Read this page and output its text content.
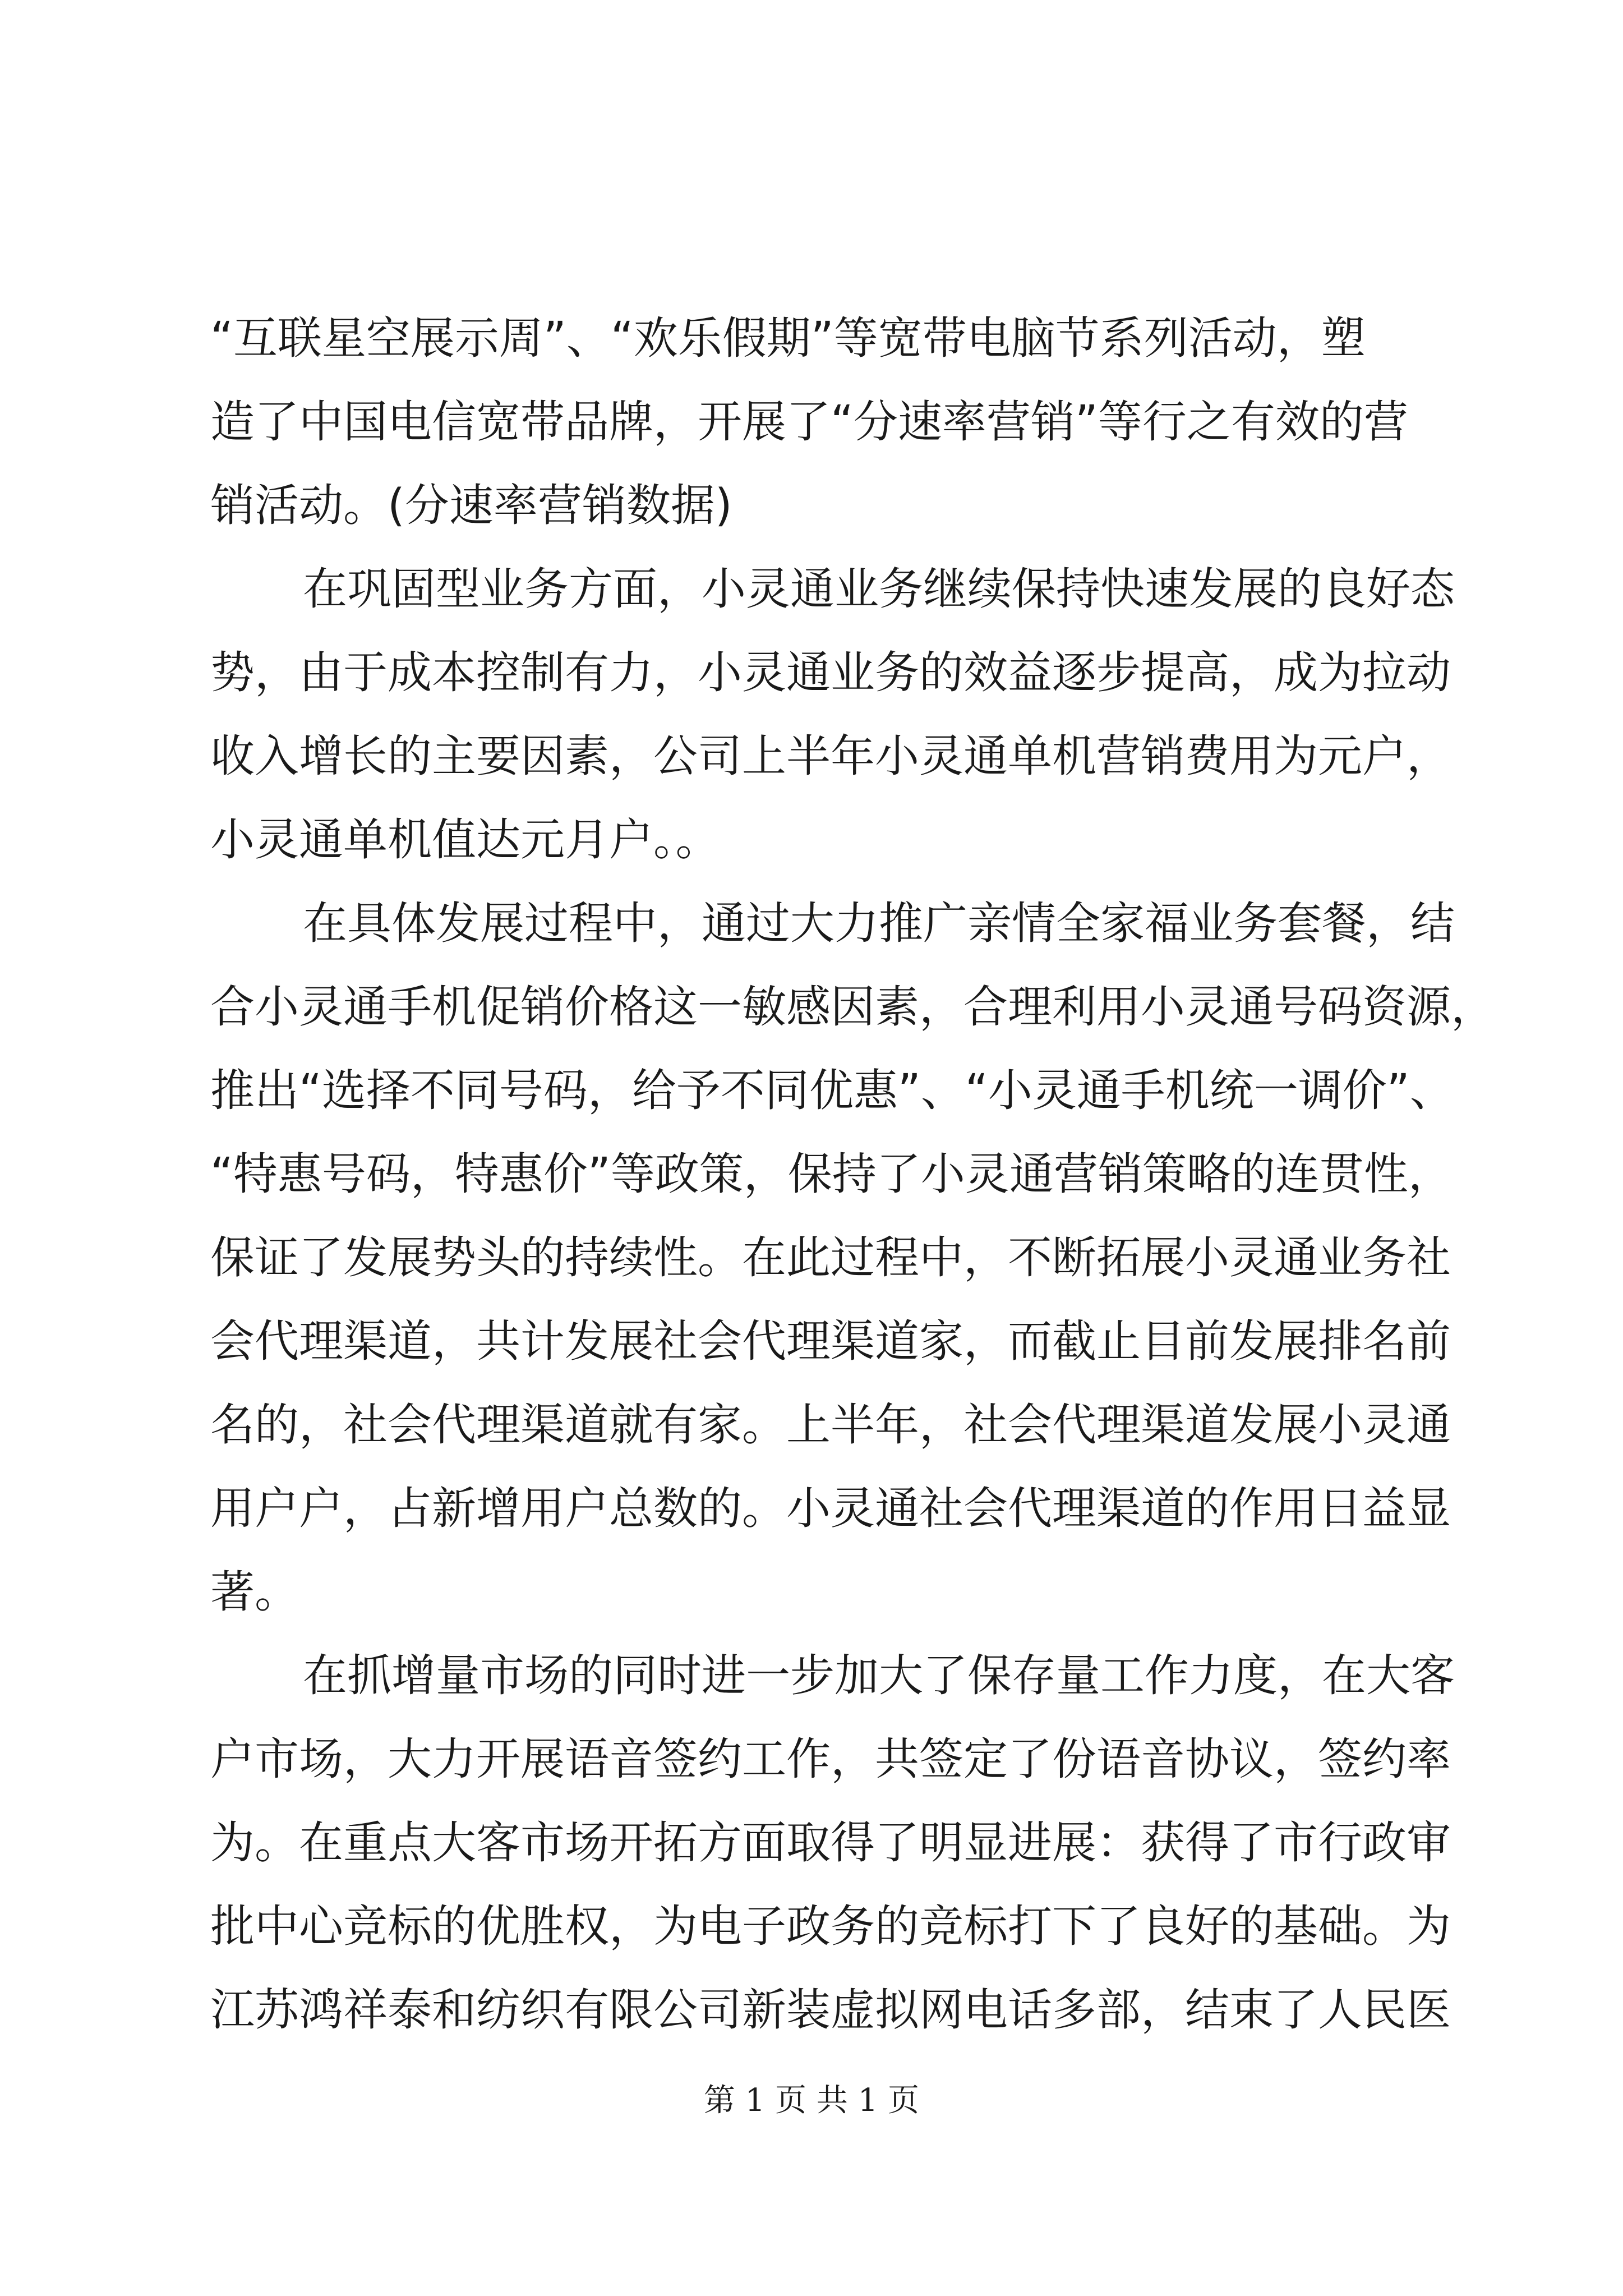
“互联星空展示周”、“欢乐假期”等宽带电脑节系列活动，塑
造了中国电信宽带品牌，开展了“分速率营销”等行之有效的营
销活动。(分速率营销数据)
在巩固型业务方面，小灵通业务继续保持快速发展的良好态
势，由于成本控制有力，小灵通业务的效益逐步提高，成为拉动
收入增长的主要因素，公司上半年小灵通单机营销费用为元户，
小灵通单机值达元月户。。
在具体发展过程中，通过大力推广亲情全家福业务套餐，结
合小灵通手机促销价格这一敏感因素，合理利用小灵通号码资源，
推出“选择不同号码，给予不同优惠”、“小灵通手机统一调价”、
“特惠号码，特惠价”等政策，保持了小灵通营销策略的连贯性，
保证了发展势头的持续性。在此过程中，不断拓展小灵通业务社
会代理渠道，共计发展社会代理渠道家，而截止目前发展排名前
名的，社会代理渠道就有家。上半年，社会代理渠道发展小灵通
用户户，占新增用户总数的。小灵通社会代理渠道的作用日益显
著。
在抓增量市场的同时进一步加大了保存量工作力度，在大客
户市场，大力开展语音签约工作，共签定了份语音协议，签约率
为。在重点大客市场开拓方面取得了明显进展：获得了市行政审
批中心竞标的优胜权，为电子政务的竞标打下了良好的基础。为
江苏鸿祥泰和纺织有限公司新装虚拟网电话多部，结束了人民医
第 1 页 共 1 页
